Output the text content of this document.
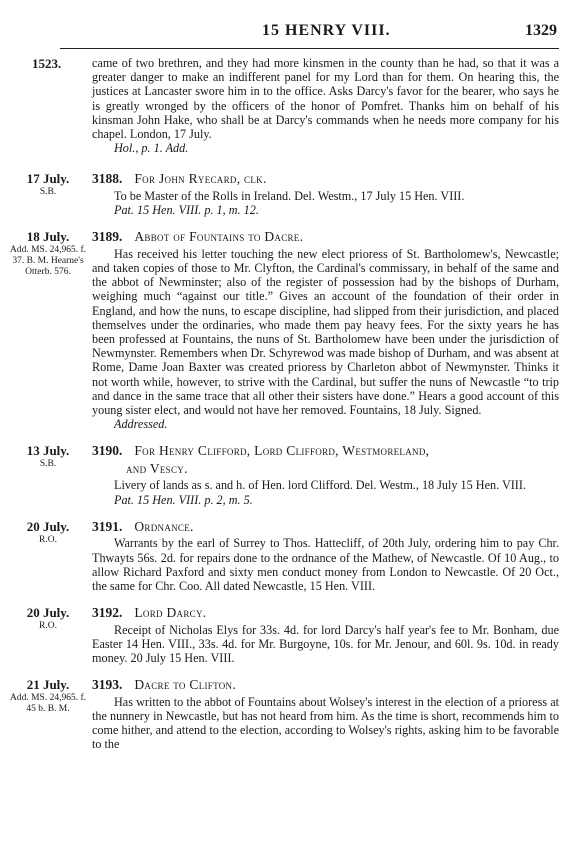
15 HENRY VIII.	1329
1523.	came of two brethren, and they had more kinsmen in the county than he had, so that it was a greater danger to make an indifferent panel for my Lord than for them. On hearing this, the justices at Lancaster swore him in to the office. Asks Darcy's favor for the bearer, who says he is greatly wronged by the officers of the honor of Pomfret. Thanks him on behalf of his kinsman John Hake, who shall be at Darcy's commands when he needs more company for his chapel. London, 17 July.

Hol., p. 1. Add.

17 July.
S.B.
3188. For John Ryecard, clk.

To be Master of the Rolls in Ireland. Del. Westm., 17 July 15 Hen. VIII.

Pat. 15 Hen. VIII. p. 1, m. 12.

18 July.
Add. MS. 24,965. f. 37. B. M. Hearne's Otterb. 576.
3189. Abbot of Fountains to Dacre.

Has received his letter touching the new elect prioress of St. Bartholomew's, Newcastle; and taken copies of those to Mr. Clyfton, the Cardinal's commissary, in behalf of the same and the abbot of Newminster; also of the register of possession had by the bishops of Durham, weighing much “against our title.” Gives an account of the foundation of their order in England, and how the nuns, to escape discipline, had slipped from their jurisdiction, and placed themselves under the ordinaries, who made them pay heavy fees. For the sixty years he has been professed at Fountains, the nuns of St. Bartholomew have been under the jurisdiction of Newmynster. Remembers when Dr. Schyrewod was made bishop of Durham, and was absent at Rome, Dame Joan Baxter was created prioress by Charleton abbot of Newmynster. Thinks it not worth while, however, to strive with the Cardinal, but suffer the nuns of Newcastle “to trip and dance in the same trace that all other their sisters have done.” Hears a good account of this young sister elect, and would not have her removed. Fountains, 18 July. Signed.

Addressed.

13 July.
S.B.
3190. For Henry Clifford, Lord Clifford, Westmoreland,
and Vescy.

Livery of lands as s. and h. of Hen. lord Clifford. Del. Westm., 18 July 15 Hen. VIII.

Pat. 15 Hen. VIII. p. 2, m. 5.

20 July.
R.O.
3191. Ordnance.

Warrants by the earl of Surrey to Thos. Hattecliff, of 20th July, ordering him to pay Chr. Thwayts 56s. 2d. for repairs done to the ordnance of the Mathew, of Newcastle. Of 10 Aug., to allow Richard Paxford and sixty men conduct money from London to Newcastle. Of 20 Oct., the same for Chr. Coo. All dated Newcastle, 15 Hen. VIII.

20 July.
R.O.
3192. Lord Darcy.

Receipt of Nicholas Elys for 33s. 4d. for lord Darcy's half year's fee to Mr. Bonham, due Easter 14 Hen. VIII., 33s. 4d. for Mr. Burgoyne, 10s. for Mr. Jenour, and 60l. 9s. 10d. in ready money. 20 July 15 Hen. VIII.

21 July.
Add. MS. 24,965. f. 45 b. B. M.
3193. Dacre to Clifton.

Has written to the abbot of Fountains about Wolsey's interest in the election of a prioress at the nunnery in Newcastle, but has not heard from him. As the time is short, recommends him to come hither, and attend to the election, according to Wolsey's rights, asking him to be favorable to the
